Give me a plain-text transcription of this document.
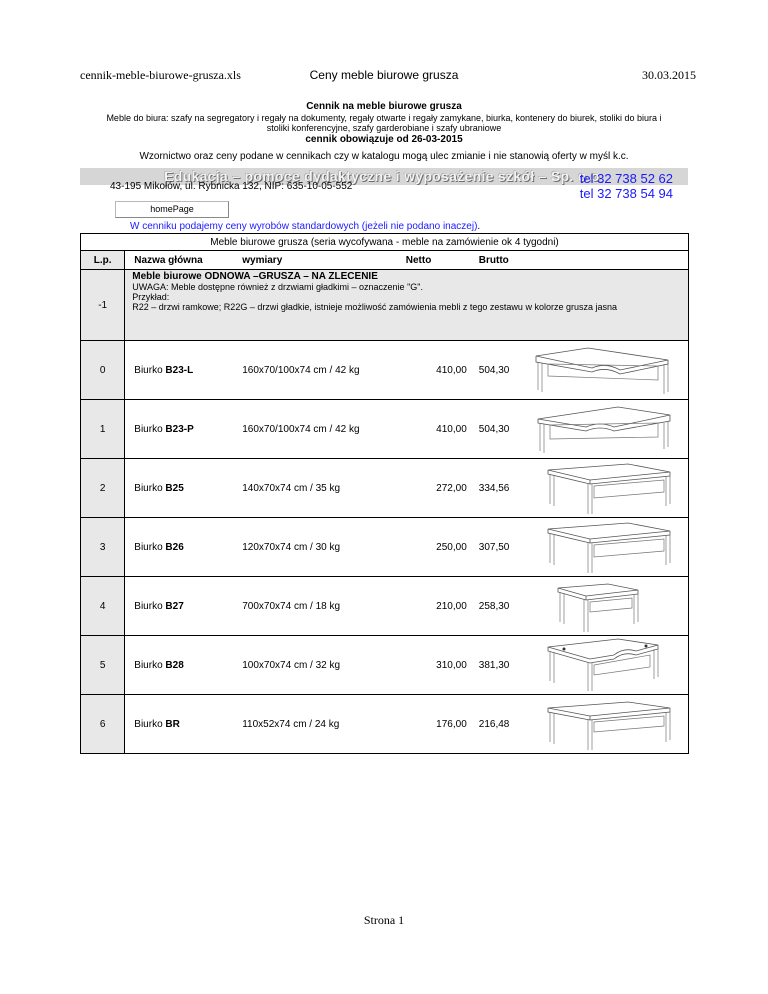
cennik-meble-biurowe-grusza.xls	Ceny meble biurowe grusza	30.03.2015
Cennik na meble biurowe grusza
Meble do biura: szafy na segregatory i regały na dokumenty, regały otwarte i regały zamykane, biurka, kontenery do biurek, stoliki do biura i stoliki konferencyjne, szafy garderobiane i szafy ubraniowe
cennik obowiązuje od 26-03-2015
Wzornictwo oraz ceny podane w cennikach czy w katalogu mogą ulec zmianie i nie stanowią oferty w myśl k.c.
Edukacja – pomoce dydaktyczne i wyposażenie szkół – Sp. o.o.
43-195 Mikołów, ul. Rybnicka 132, NIP: 635-10-05-552
tel 32 738 52 62
tel 32 738 54 94
homePage
W cenniku podajemy ceny wyrobów standardowych (jeżeli nie podano inaczej).
Meble biurowe grusza (seria wycofywana - meble na zamówienie ok 4 tygodni)					
L.p.	Nazwa główna	wymiary	Netto	Brutto	
-1	Meble biurowe ODNOWA –GRUSZA – NA ZLECENIE
UWAGA: Meble dostępne również z drzwiami gładkimi – oznaczenie "G".
Przykład:
R22 – drzwi ramkowe; R22G – drzwi gładkie, istnieje możliwość zamówienia mebli z tego zestawu w kolorze grusza jasna				

0	Biurko B23-L	160x70/100x74 cm / 42 kg	410,00	504,30	

1	Biurko B23-P	160x70/100x74 cm / 42 kg	410,00	504,30	

2	Biurko B25	140x70x74 cm / 35 kg	272,00	334,56	

3	Biurko B26	120x70x74 cm / 30 kg	250,00	307,50	

4	Biurko B27	700x70x74 cm / 18 kg	210,00	258,30	

5	Biurko B28	100x70x74 cm / 32 kg	310,00	381,30	

6	Biurko BR	110x52x74 cm / 24 kg	176,00	216,48	
Strona 1
